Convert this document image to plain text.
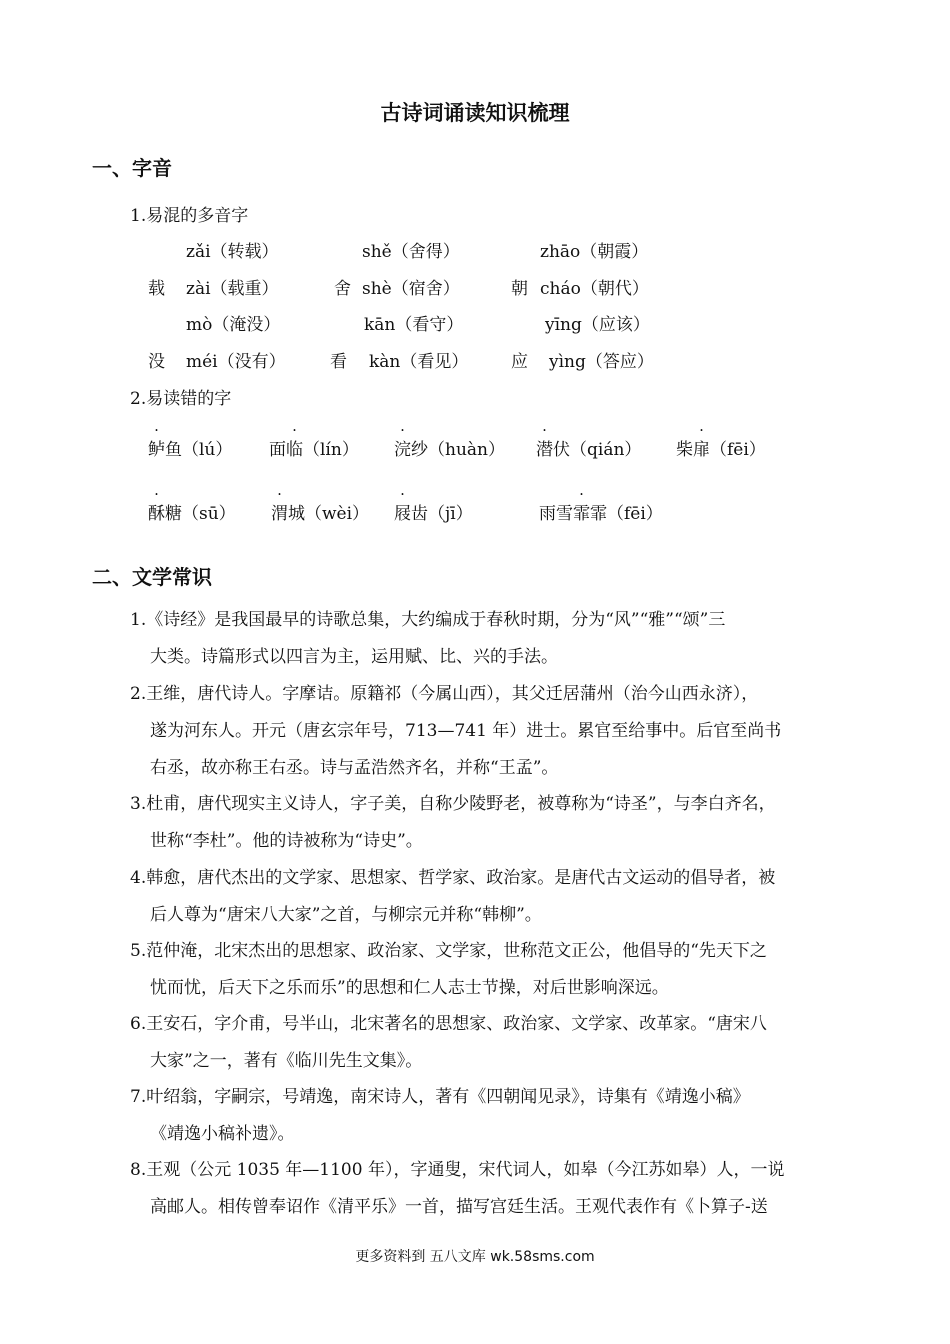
古诗词诵读知识梳理
一、字音
1.易混的多音字
zǎi（转载）	shě（舍得）	zhāo（朝霞）
载 zài（载重）	舍 shè（宿舍）	朝 cháo（朝代）
mò（淹没）	kān（看守）	yīng（应该）
没 méi（没有）	看 kàn（看见）	应 yìng（答应）
2.易读错的字
鲈鱼（lú） 面临（lín） 浣纱（huàn） 潜伏（qián） 柴扉（fēi）
酥糖（sū） 渭城（wèi） 屐齿（jī）	雨雪霏霏（fēi）
二、文学常识
1.《诗经》是我国最早的诗歌总集，大约编成于春秋时期，分为“风”“雅”“颂”三
大类。诗篇形式以四言为主，运用赋、比、兴的手法。
2.王维，唐代诗人。字摩诘。原籍祁（今属山西），其父迁居蒲州（治今山西永济），
遂为河东人。开元（唐玄宗年号，713—741 年）进士。累官至给事中。后官至尚书
右丞，故亦称王右丞。诗与孟浩然齐名，并称“王孟”。
3.杜甫，唐代现实主义诗人，字子美，自称少陵野老，被尊称为“诗圣”，与李白齐名，
世称“李杜”。他的诗被称为“诗史”。
4.韩愈，唐代杰出的文学家、思想家、哲学家、政治家。是唐代古文运动的倡导者，被
后人尊为“唐宋八大家”之首，与柳宗元并称“韩柳”。
5.范仲淹，北宋杰出的思想家、政治家、文学家，世称范文正公，他倡导的“先天下之
忧而忧，后天下之乐而乐”的思想和仁人志士节操，对后世影响深远。
6.王安石，字介甫，号半山，北宋著名的思想家、政治家、文学家、改革家。“唐宋八
大家”之一，著有《临川先生文集》。
7.叶绍翁，字嗣宗，号靖逸，南宋诗人，著有《四朝闻见录》，诗集有《靖逸小稿》
《靖逸小稿补遗》。
8.王观（公元 1035 年—1100 年），字通叟，宋代词人，如皋（今江苏如皋）人，一说
高邮人。相传曾奉诏作《清平乐》一首，描写宫廷生活。王观代表作有《卜算子-送
更多资料到 五八文库 wk.58sms.com
